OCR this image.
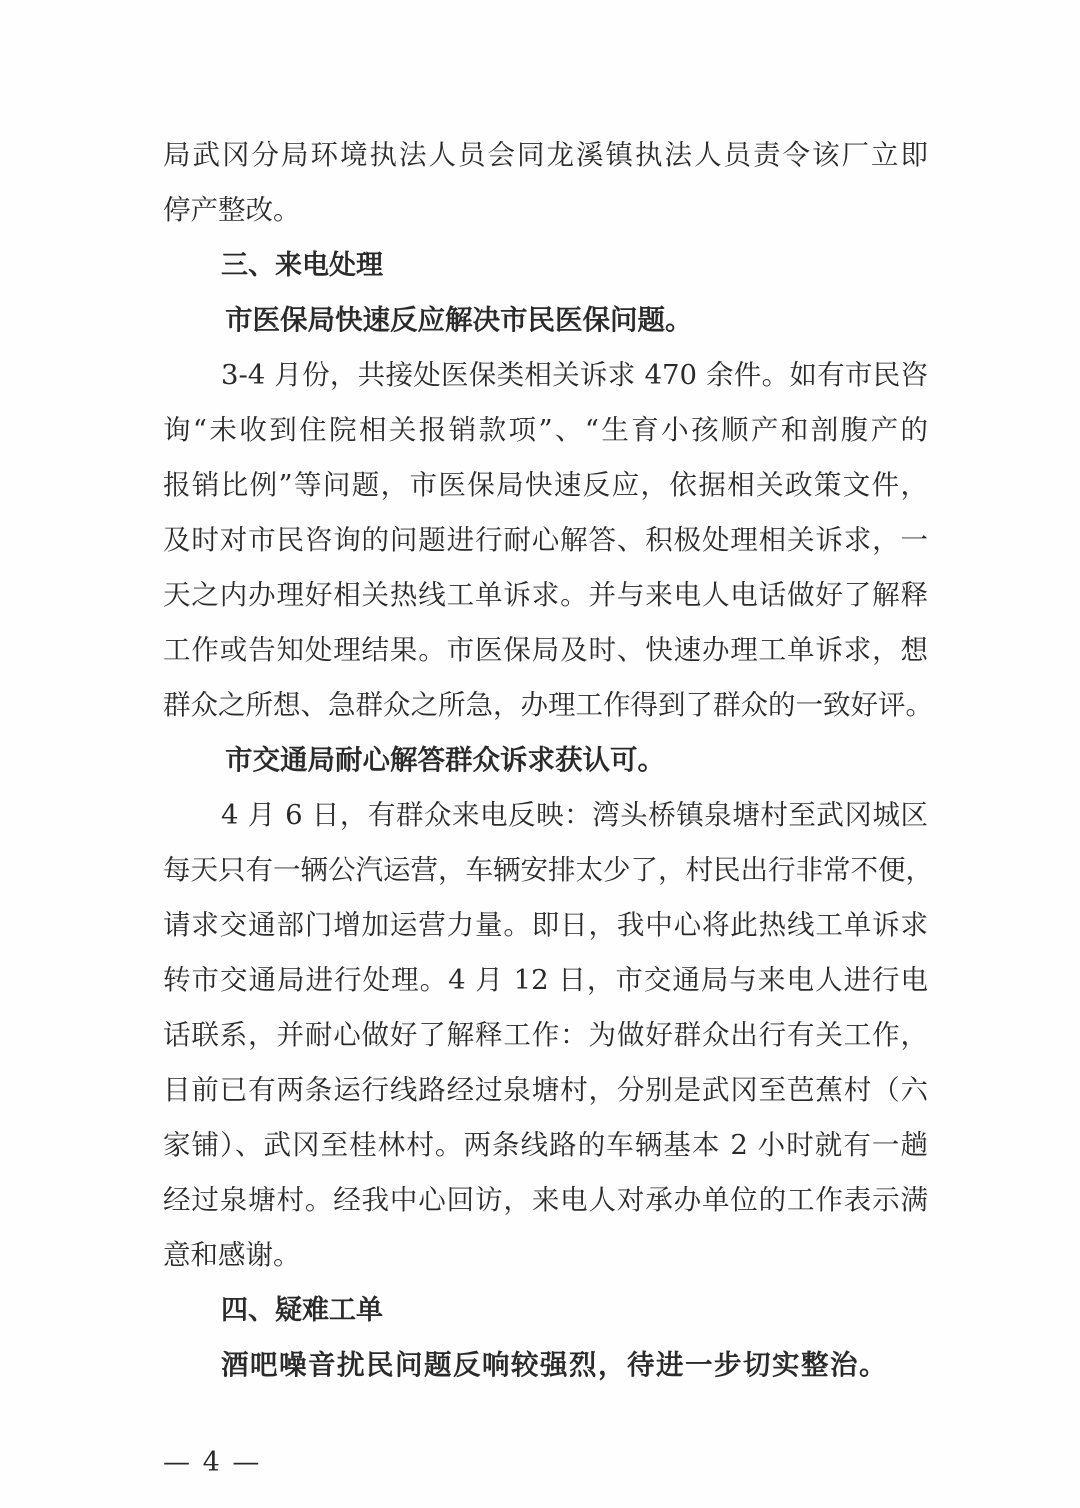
局武冈分局环境执法人员会同龙溪镇执法人员责令该厂立即
停产整改。
三、来电处理
市医保局快速反应解决市民医保问题。
3-4 月份，共接处医保类相关诉求 470 余件。如有市民咨
询“未收到住院相关报销款项”、“生育小孩顺产和剖腹产的
报销比例”等问题，市医保局快速反应，依据相关政策文件，
及时对市民咨询的问题进行耐心解答、积极处理相关诉求，一
天之内办理好相关热线工单诉求。并与来电人电话做好了解释
工作或告知处理结果。市医保局及时、快速办理工单诉求，想
群众之所想、急群众之所急，办理工作得到了群众的一致好评。
市交通局耐心解答群众诉求获认可。
4 月 6 日，有群众来电反映：湾头桥镇泉塘村至武冈城区
每天只有一辆公汽运营，车辆安排太少了，村民出行非常不便，
请求交通部门增加运营力量。即日，我中心将此热线工单诉求
转市交通局进行处理。4 月 12 日，市交通局与来电人进行电
话联系，并耐心做好了解释工作：为做好群众出行有关工作，
目前已有两条运行线路经过泉塘村，分别是武冈至芭蕉村（六
家铺）、武冈至桂林村。两条线路的车辆基本 2 小时就有一趟
经过泉塘村。经我中心回访，来电人对承办单位的工作表示满
意和感谢。
四、疑难工单
酒吧噪音扰民问题反响较强烈，待进一步切实整治。
— 4 —
